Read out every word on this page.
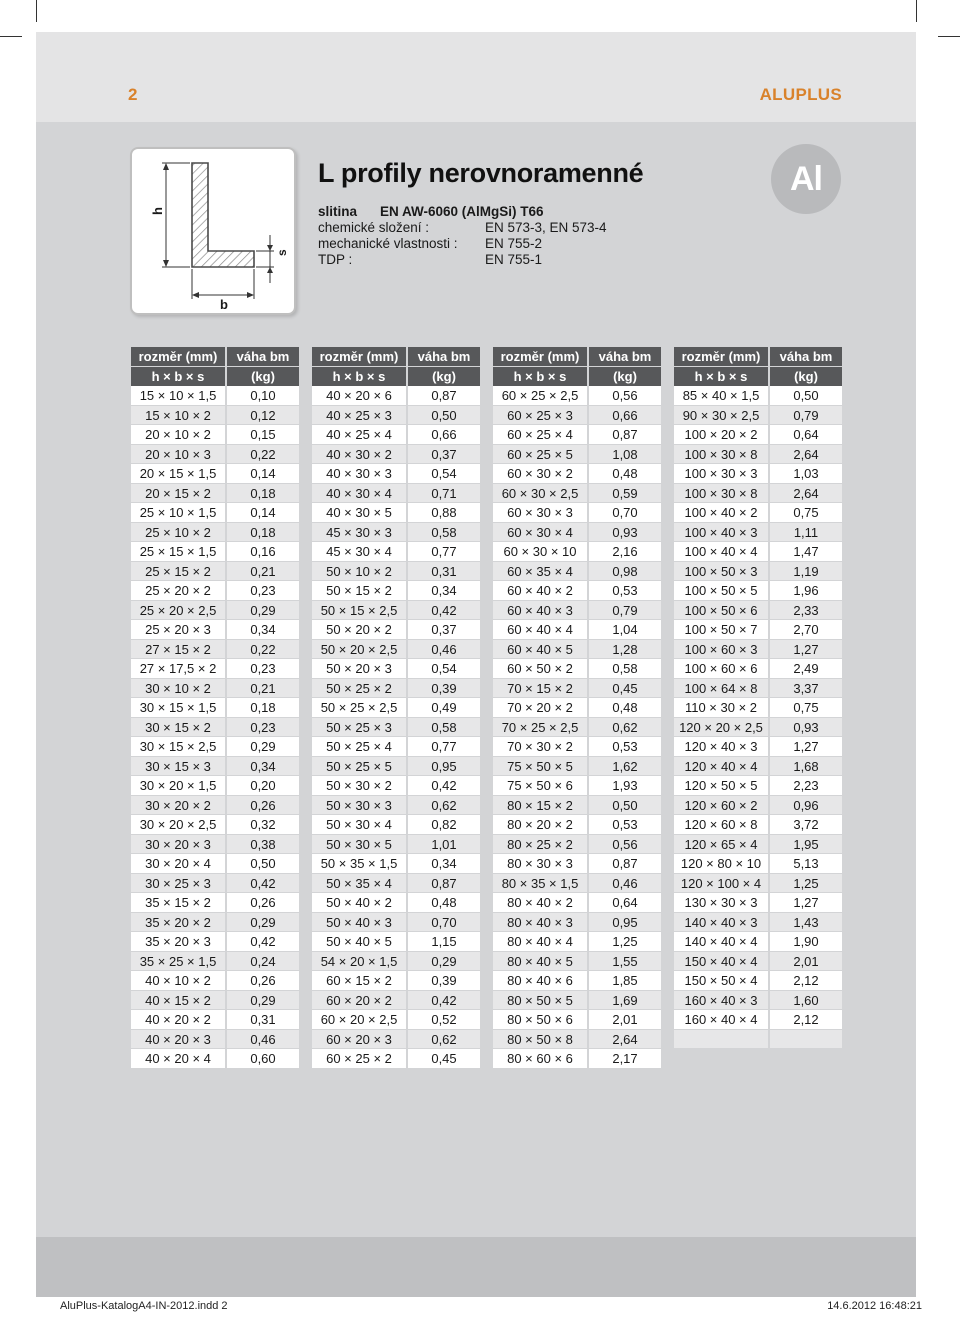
2	ALUPLUS
h
b
s
L profily nerovnoramenné
slitina EN AW-6060 (AlMgSi) T66
chemické složení :	EN 573-3, EN 573-4
mechanické vlastnosti : EN 755-2
TDP :	EN 755-1
Al
rozměr (mm)	váha bm
h × b × s	(kg)
15 × 10 × 1,5	0,10
15 × 10 × 2	0,12
20 × 10 × 2	0,15
20 × 10 × 3	0,22
20 × 15 × 1,5	0,14
20 × 15 × 2	0,18
25 × 10 × 1,5	0,14
25 × 10 × 2	0,18
25 × 15 × 1,5	0,16
25 × 15 × 2	0,21
25 × 20 × 2	0,23
25 × 20 × 2,5	0,29
25 × 20 × 3	0,34
27 × 15 × 2	0,22
27 × 17,5 × 2	0,23
30 × 10 × 2	0,21
30 × 15 × 1,5	0,18
30 × 15 × 2	0,23
30 × 15 × 2,5	0,29
30 × 15 × 3	0,34
30 × 20 × 1,5	0,20
30 × 20 × 2	0,26
30 × 20 × 2,5	0,32
30 × 20 × 3	0,38
30 × 20 × 4	0,50
30 × 25 × 3	0,42
35 × 15 × 2	0,26
35 × 20 × 2	0,29
35 × 20 × 3	0,42
35 × 25 × 1,5	0,24
40 × 10 × 2	0,26
40 × 15 × 2	0,29
40 × 20 × 2	0,31
40 × 20 × 3	0,46
40 × 20 × 4	0,60
rozměr (mm)	váha bm
h × b × s	(kg)
40 × 20 × 6	0,87
40 × 25 × 3	0,50
40 × 25 × 4	0,66
40 × 30 × 2	0,37
40 × 30 × 3	0,54
40 × 30 × 4	0,71
40 × 30 × 5	0,88
45 × 30 × 3	0,58
45 × 30 × 4	0,77
50 × 10 × 2	0,31
50 × 15 × 2	0,34
50 × 15 × 2,5	0,42
50 × 20 × 2	0,37
50 × 20 × 2,5	0,46
50 × 20 × 3	0,54
50 × 25 × 2	0,39
50 × 25 × 2,5	0,49
50 × 25 × 3	0,58
50 × 25 × 4	0,77
50 × 25 × 5	0,95
50 × 30 × 2	0,42
50 × 30 × 3	0,62
50 × 30 × 4	0,82
50 × 30 × 5	1,01
50 × 35 × 1,5	0,34
50 × 35 × 4	0,87
50 × 40 × 2	0,48
50 × 40 × 3	0,70
50 × 40 × 5	1,15
54 × 20 × 1,5	0,29
60 × 15 × 2	0,39
60 × 20 × 2	0,42
60 × 20 × 2,5	0,52
60 × 20 × 3	0,62
60 × 25 × 2	0,45
rozměr (mm)	váha bm
h × b × s	(kg)
60 × 25 × 2,5	0,56
60 × 25 × 3	0,66
60 × 25 × 4	0,87
60 × 25 × 5	1,08
60 × 30 × 2	0,48
60 × 30 × 2,5	0,59
60 × 30 × 3	0,70
60 × 30 × 4	0,93
60 × 30 × 10	2,16
60 × 35 × 4	0,98
60 × 40 × 2	0,53
60 × 40 × 3	0,79
60 × 40 × 4	1,04
60 × 40 × 5	1,28
60 × 50 × 2	0,58
70 × 15 × 2	0,45
70 × 20 × 2	0,48
70 × 25 × 2,5	0,62
70 × 30 × 2	0,53
75 × 50 × 5	1,62
75 × 50 × 6	1,93
80 × 15 × 2	0,50
80 × 20 × 2	0,53
80 × 25 × 2	0,56
80 × 30 × 3	0,87
80 × 35 × 1,5	0,46
80 × 40 × 2	0,64
80 × 40 × 3	0,95
80 × 40 × 4	1,25
80 × 40 × 5	1,55
80 × 40 × 6	1,85
80 × 50 × 5	1,69
80 × 50 × 6	2,01
80 × 50 × 8	2,64
80 × 60 × 6	2,17
rozměr (mm)	váha bm
h × b × s	(kg)
85 × 40 × 1,5	0,50
90 × 30 × 2,5	0,79
100 × 20 × 2	0,64
100 × 30 × 8	2,64
100 × 30 × 3	1,03
100 × 30 × 8	2,64
100 × 40 × 2	0,75
100 × 40 × 3	1,11
100 × 40 × 4	1,47
100 × 50 × 3	1,19
100 × 50 × 5	1,96
100 × 50 × 6	2,33
100 × 50 × 7	2,70
100 × 60 × 3	1,27
100 × 60 × 6	2,49
100 × 64 × 8	3,37
110 × 30 × 2	0,75
120 × 20 × 2,5	0,93
120 × 40 × 3	1,27
120 × 40 × 4	1,68
120 × 50 × 5	2,23
120 × 60 × 2	0,96
120 × 60 × 8	3,72
120 × 65 × 4	1,95
120 × 80 × 10	5,13
120 × 100 × 4	1,25
130 × 30 × 3	1,27
140 × 40 × 3	1,43
140 × 40 × 4	1,90
150 × 40 × 4	2,01
150 × 50 × 4	2,12
160 × 40 × 3	1,60
160 × 40 × 4	2,12
AluPlus-KatalogA4-IN-2012.indd 2	14.6.2012 16:48:21
